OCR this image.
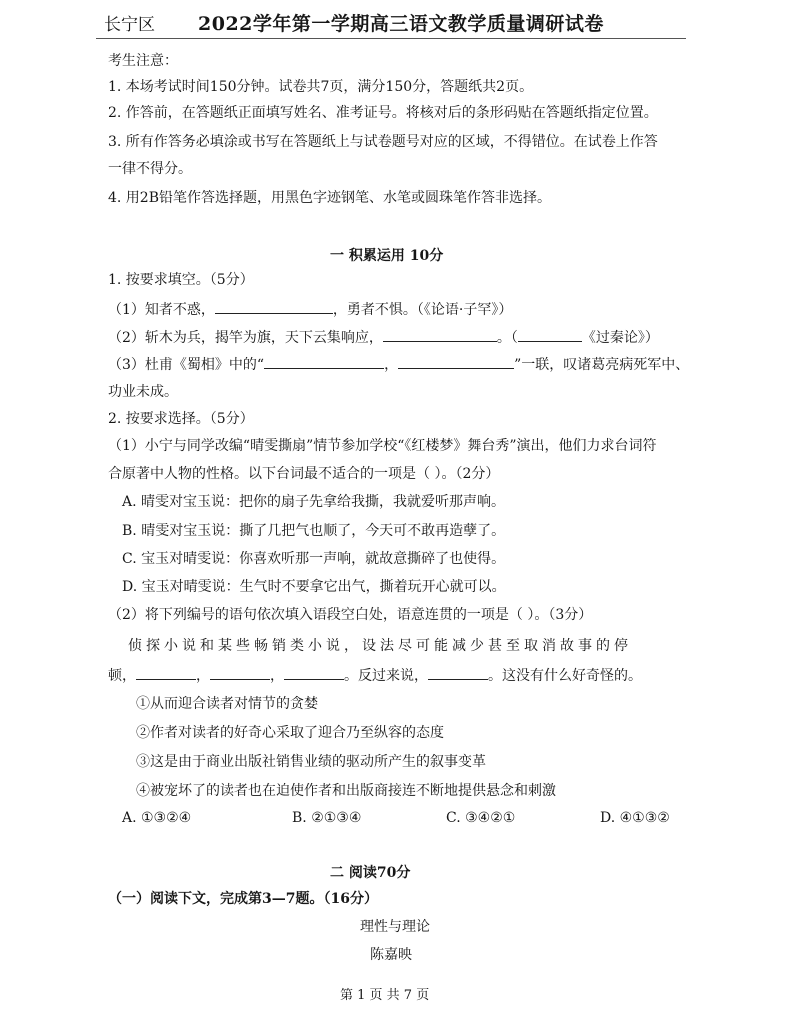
长宁区 2022学年第一学期高三语文教学质量调研试卷
考生注意：
1. 本场考试时间150分钟。试卷共7页，满分150分，答题纸共2页。
2. 作答前，在答题纸正面填写姓名、准考证号。将核对后的条形码贴在答题纸指定位置。
3. 所有作答务必填涂或书写在答题纸上与试卷题号对应的区域，不得错位。在试卷上作答
一律不得分。
4. 用2B铅笔作答选择题，用黑色字迹钢笔、水笔或圆珠笔作答非选择。
一 积累运用 10分
1. 按要求填空。（5分）
（1）知者不惑，	，勇者不惧。（《论语·子罕》）
（2）斩木为兵，揭竿为旗，天下云集响应，	。（	《过秦论》）
（3）杜甫《蜀相》中的“	，	”一联，叹诸葛亮病死军中、
功业未成。
2. 按要求选择。（5分）
（1）小宁与同学改编“晴雯撕扇”情节参加学校“《红楼梦》舞台秀”演出，他们力求台词符
合原著中人物的性格。以下台词最不适合的一项是（ ）。（2分）
A. 晴雯对宝玉说：把你的扇子先拿给我撕，我就爱听那声响。
B. 晴雯对宝玉说：撕了几把气也顺了，今天可不敢再造孽了。
C. 宝玉对晴雯说：你喜欢听那一声响，就故意撕碎了也使得。
D. 宝玉对晴雯说：生气时不要拿它出气，撕着玩开心就可以。
（2）将下列编号的语句依次填入语段空白处，语意连贯的一项是（ ）。（3分）
侦探小说和某些畅销类小说，设法尽可能减少甚至取消故事的停
顿，	，	，	。反过来说，	。这没有什么好奇怪的。
①从而迎合读者对情节的贪婪
②作者对读者的好奇心采取了迎合乃至纵容的态度
③这是由于商业出版社销售业绩的驱动所产生的叙事变革
④被宠坏了的读者也在迫使作者和出版商接连不断地提供悬念和刺激
A. ①③②④	B. ②①③④	C. ③④②①	D. ④①③②
二 阅读70分
（一）阅读下文，完成第3—7题。（16分）
理性与理论
陈嘉映
第 1 页 共 7 页
